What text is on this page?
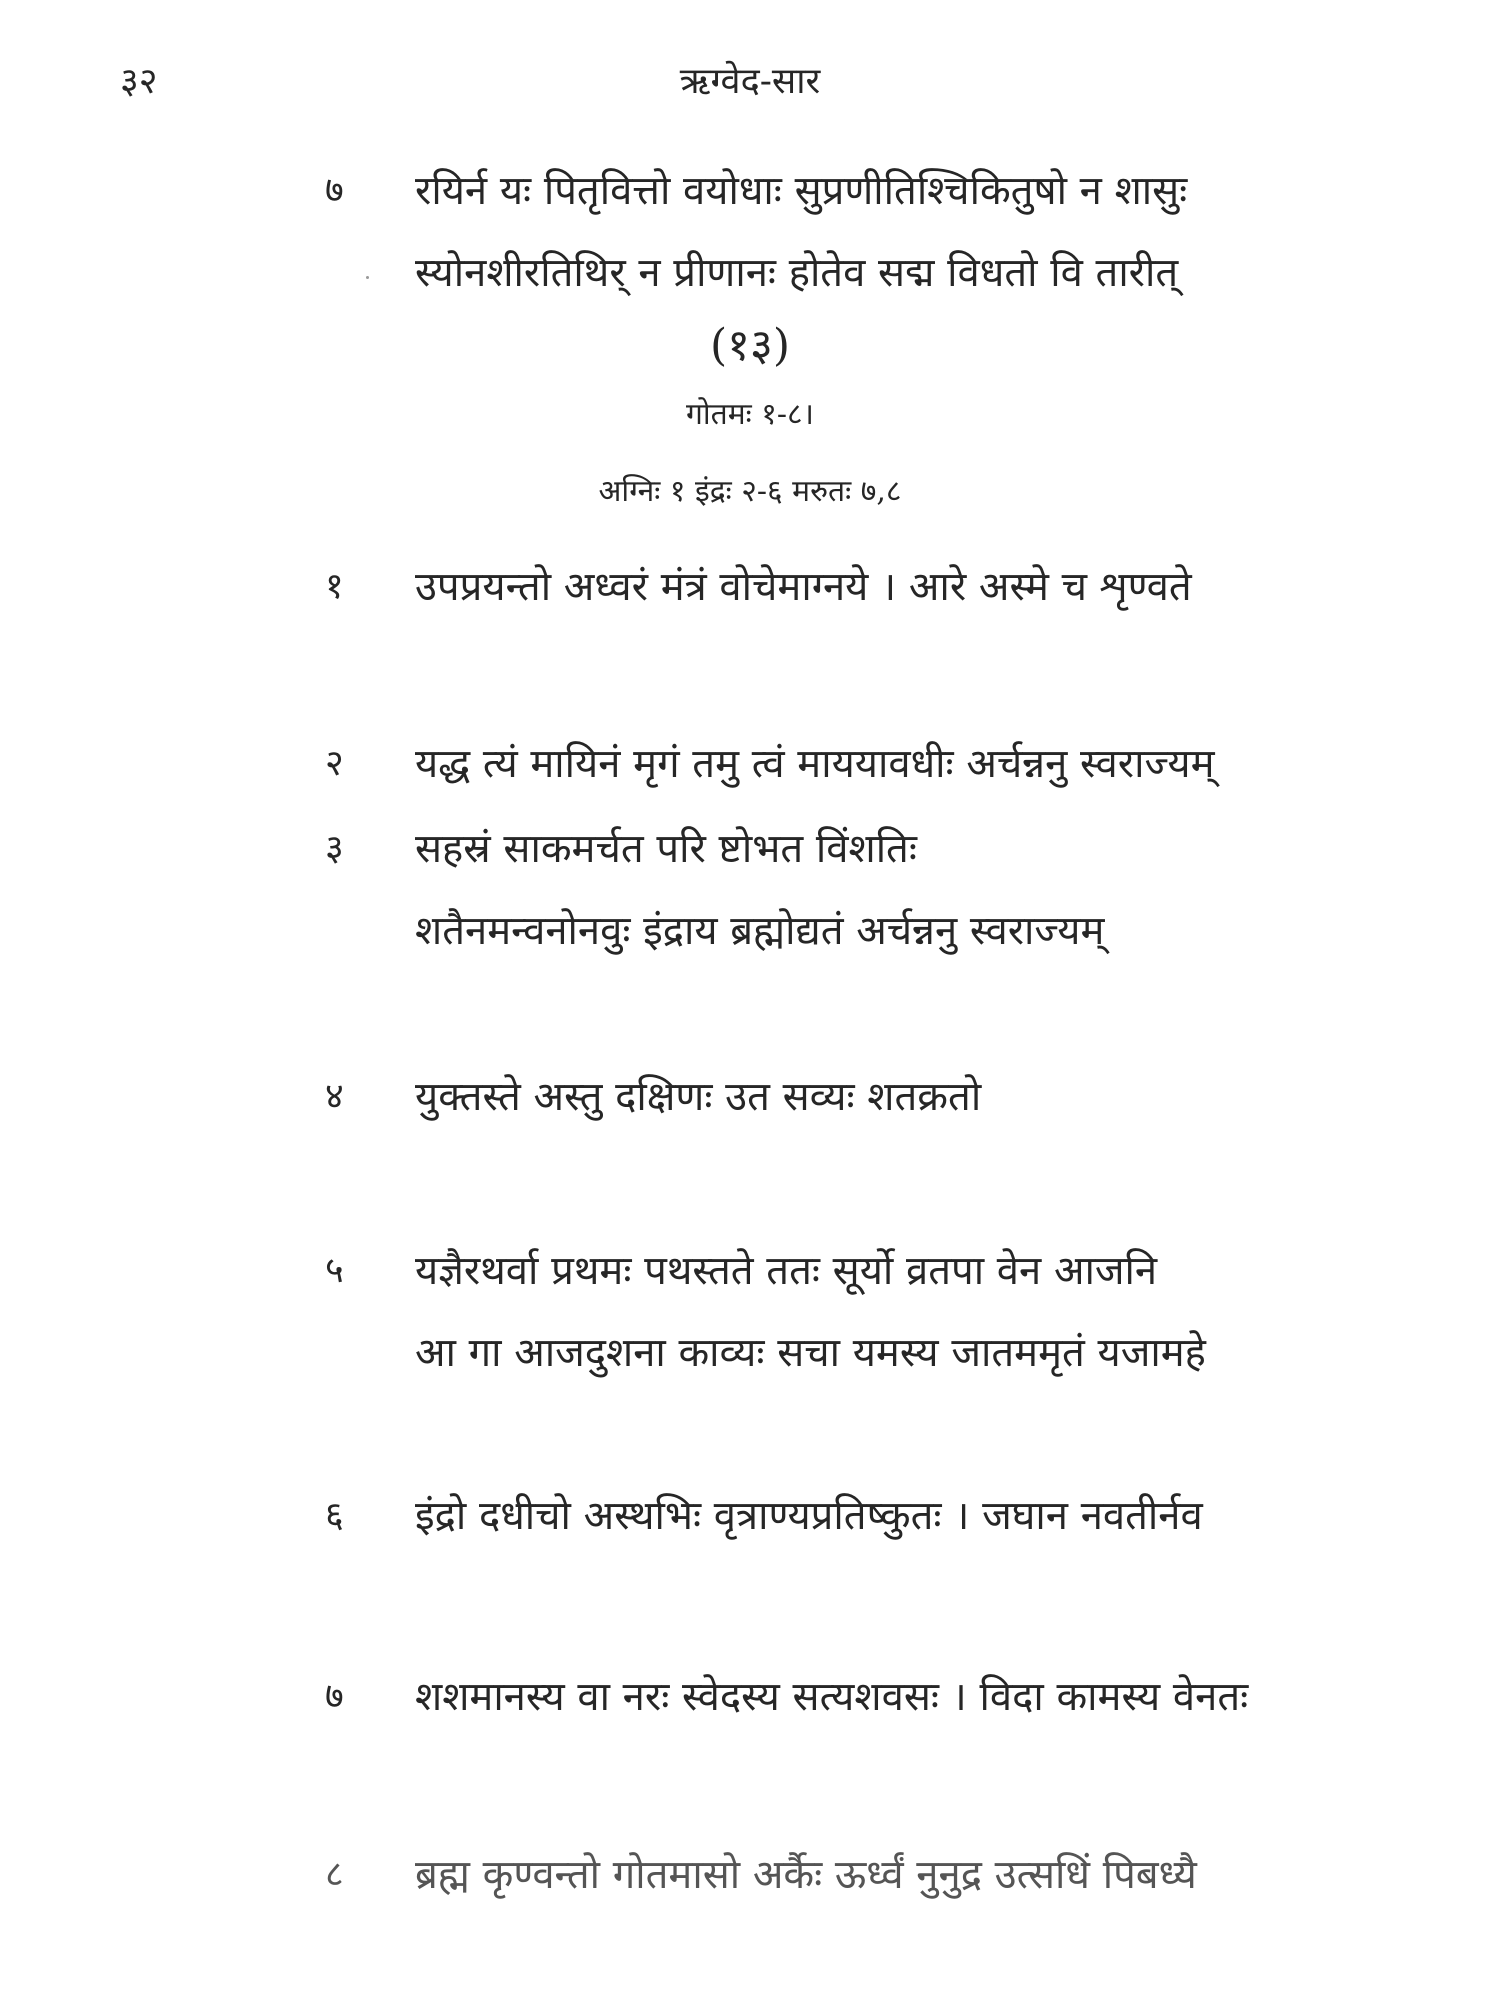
३२	ऋग्वेद-सार
७ रयिर्न यः पितृवित्तो वयोधाः सुप्रणीतिश्चिकितुषो न शासुः
स्योनशीरतिथिर् न प्रीणानः होतेव सद्म विधतो वि तारीत्
(१३)
गोतमः १-८।
अग्निः १ इंद्रः २-६ मरुतः ७,८
१ उपप्रयन्तो अध्वरं मंत्रं वोचेमाग्नये । आरे अस्मे च शृण्वते
२ यद्ध त्यं मायिनं मृगं तमु त्वं माययावधीः अर्चन्ननु स्वराज्यम्
३ सहस्रं साकमर्चत परि ष्टोभत विंशतिः
शतैनमन्वनोनवुः इंद्राय ब्रह्मोद्यतं अर्चन्ननु स्वराज्यम्
४ युक्तस्ते अस्तु दक्षिणः उत सव्यः शतक्रतो
५ यज्ञैरथर्वा प्रथमः पथस्तते ततः सूर्यो व्रतपा वेन आजनि
आ गा आजदुशना काव्यः सचा यमस्य जातममृतं यजामहे
६ इंद्रो दधीचो अस्थभिः वृत्राण्यप्रतिष्कुतः । जघान नवतीर्नव
७ शशमानस्य वा नरः स्वेदस्य सत्यशवसः । विदा कामस्य वेनतः
८ ब्रह्म कृण्वन्तो गोतमासो अर्कैः ऊर्ध्वं नुनुद्र उत्सधिं पिबध्यै
